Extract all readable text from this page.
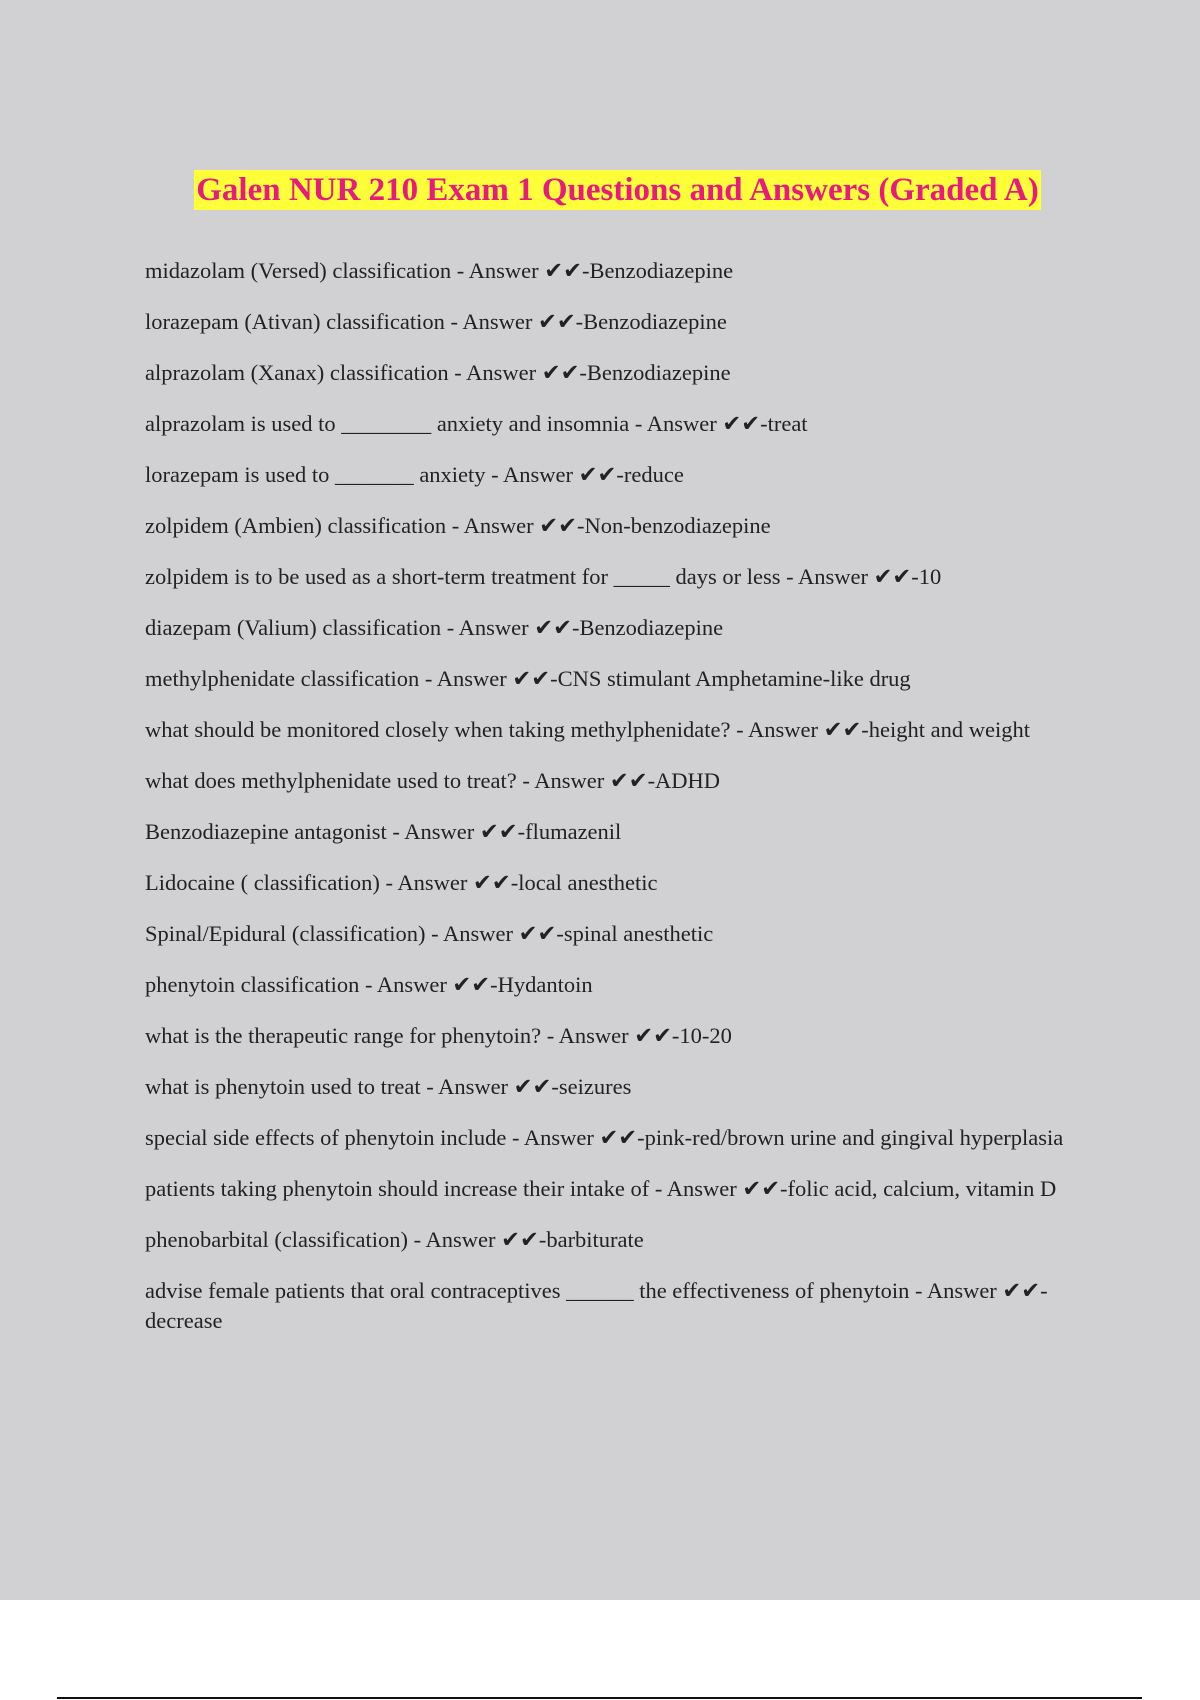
Galen NUR 210 Exam 1 Questions and Answers (Graded A)
midazolam (Versed) classification - Answer ✔✔-Benzodiazepine
lorazepam (Ativan) classification - Answer ✔✔-Benzodiazepine
alprazolam (Xanax) classification - Answer ✔✔-Benzodiazepine
alprazolam is used to ________ anxiety and insomnia - Answer ✔✔-treat
lorazepam is used to _______ anxiety - Answer ✔✔-reduce
zolpidem (Ambien) classification - Answer ✔✔-Non-benzodiazepine
zolpidem is to be used as a short-term treatment for _____ days or less - Answer ✔✔-10
diazepam (Valium) classification - Answer ✔✔-Benzodiazepine
methylphenidate classification - Answer ✔✔-CNS stimulant Amphetamine-like drug
what should be monitored closely when taking methylphenidate? - Answer ✔✔-height and weight
what does methylphenidate used to treat? - Answer ✔✔-ADHD
Benzodiazepine antagonist - Answer ✔✔-flumazenil
Lidocaine ( classification) - Answer ✔✔-local anesthetic
Spinal/Epidural (classification) - Answer ✔✔-spinal anesthetic
phenytoin classification - Answer ✔✔-Hydantoin
what is the therapeutic range for phenytoin? - Answer ✔✔-10-20
what is phenytoin used to treat - Answer ✔✔-seizures
special side effects of phenytoin include - Answer ✔✔-pink-red/brown urine and gingival hyperplasia
patients taking phenytoin should increase their intake of - Answer ✔✔-folic acid, calcium, vitamin D
phenobarbital (classification) - Answer ✔✔-barbiturate
advise female patients that oral contraceptives ______ the effectiveness of phenytoin - Answer ✔✔-decrease
